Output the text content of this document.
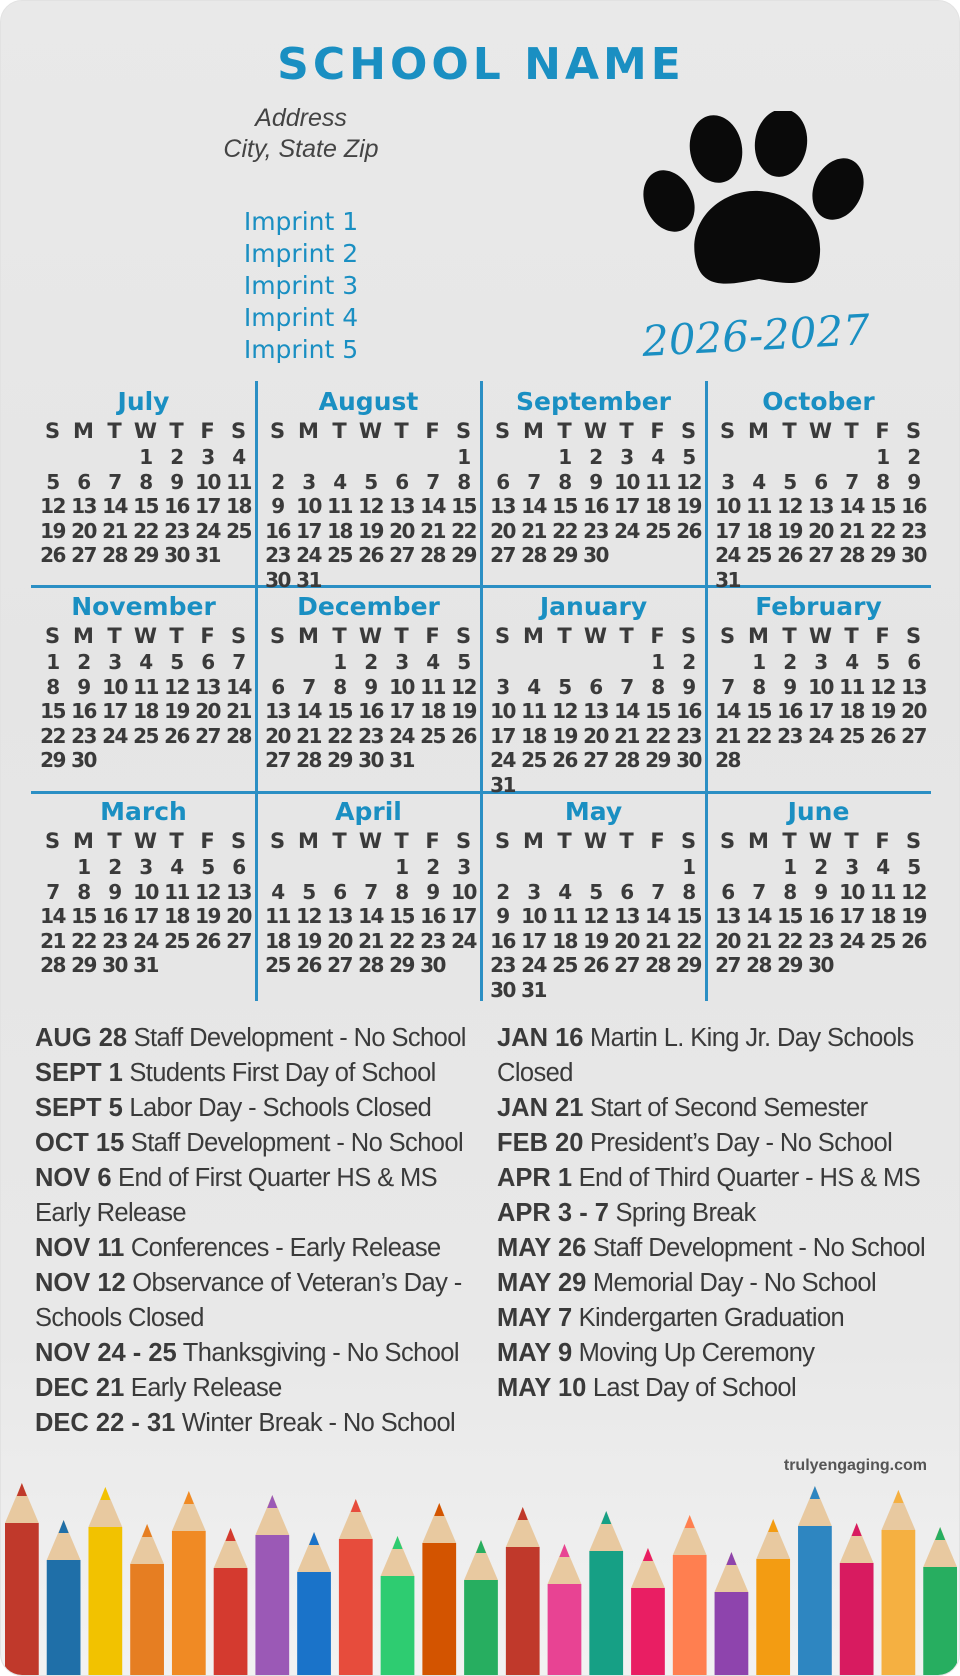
SCHOOL NAME
Address
City, State Zip
Imprint 1
Imprint 2
Imprint 3
Imprint 4
Imprint 5	2026-2027
July
S M T W T F S
1 2 3 4
5 6 7 8 9 10 11
12 13 14 15 16 17 18
19 20 21 22 23 24 25
26 27 28 29 30 31
August
S M T W T F S
1
2 3 4 5 6 7 8
9 10 11 12 13 14 15
16 17 18 19 20 21 22
23 24 25 26 27 28 29
30 31
September
S M T W T F S
1 2 3 4 5
6 7 8 9 10 11 12
13 14 15 16 17 18 19
20 21 22 23 24 25 26
27 28 29 30
October
S M T W T F S
1 2
3 4 5 6 7 8 9
10 11 12 13 14 15 16
17 18 19 20 21 22 23
24 25 26 27 28 29 30
31
November
S M T W T F S
1 2 3 4 5 6 7
8 9 10 11 12 13 14
15 16 17 18 19 20 21
22 23 24 25 26 27 28
29 30
December
S M T W T F S
1 2 3 4 5
6 7 8 9 10 11 12
13 14 15 16 17 18 19
20 21 22 23 24 25 26
27 28 29 30 31
January
S M T W T F S
1 2
3 4 5 6 7 8 9
10 11 12 13 14 15 16
17 18 19 20 21 22 23
24 25 26 27 28 29 30
31
February
S M T W T F S
1 2 3 4 5 6
7 8 9 10 11 12 13
14 15 16 17 18 19 20
21 22 23 24 25 26 27
28
March
S M T W T F S
1 2 3 4 5 6
7 8 9 10 11 12 13
14 15 16 17 18 19 20
21 22 23 24 25 26 27
28 29 30 31
April
S M T W T F S
1 2 3
4 5 6 7 8 9 10
11 12 13 14 15 16 17
18 19 20 21 22 23 24
25 26 27 28 29 30
May
S M T W T F S
1
2 3 4 5 6 7 8
9 10 11 12 13 14 15
16 17 18 19 20 21 22
23 24 25 26 27 28 29
30 31
June
S M T W T F S
1 2 3 4 5
6 7 8 9 10 11 12
13 14 15 16 17 18 19
20 21 22 23 24 25 26
27 28 29 30

AUG 28 Staff Development - No School

SEPT 1 Students First Day of School

SEPT 5 Labor Day - Schools Closed

OCT 15 Staff Development - No School

NOV 6 End of First Quarter HS & MS Early Release

NOV 11 Conferences - Early Release

NOV 12 Observance of Veteran’s Day - Schools Closed

NOV 24 - 25 Thanksgiving - No School

DEC 21 Early Release

DEC 22 - 31 Winter Break - No School

JAN 16 Martin L. King Jr. Day Schools Closed

JAN 21 Start of Second Semester

FEB 20 President’s Day - No School

APR 1 End of Third Quarter - HS & MS

APR 3 - 7 Spring Break

MAY 26 Staff Development - No School

MAY 29 Memorial Day - No School

MAY 7 Kindergarten Graduation

MAY 9 Moving Up Ceremony

MAY 10 Last Day of School

trulyengaging.com
